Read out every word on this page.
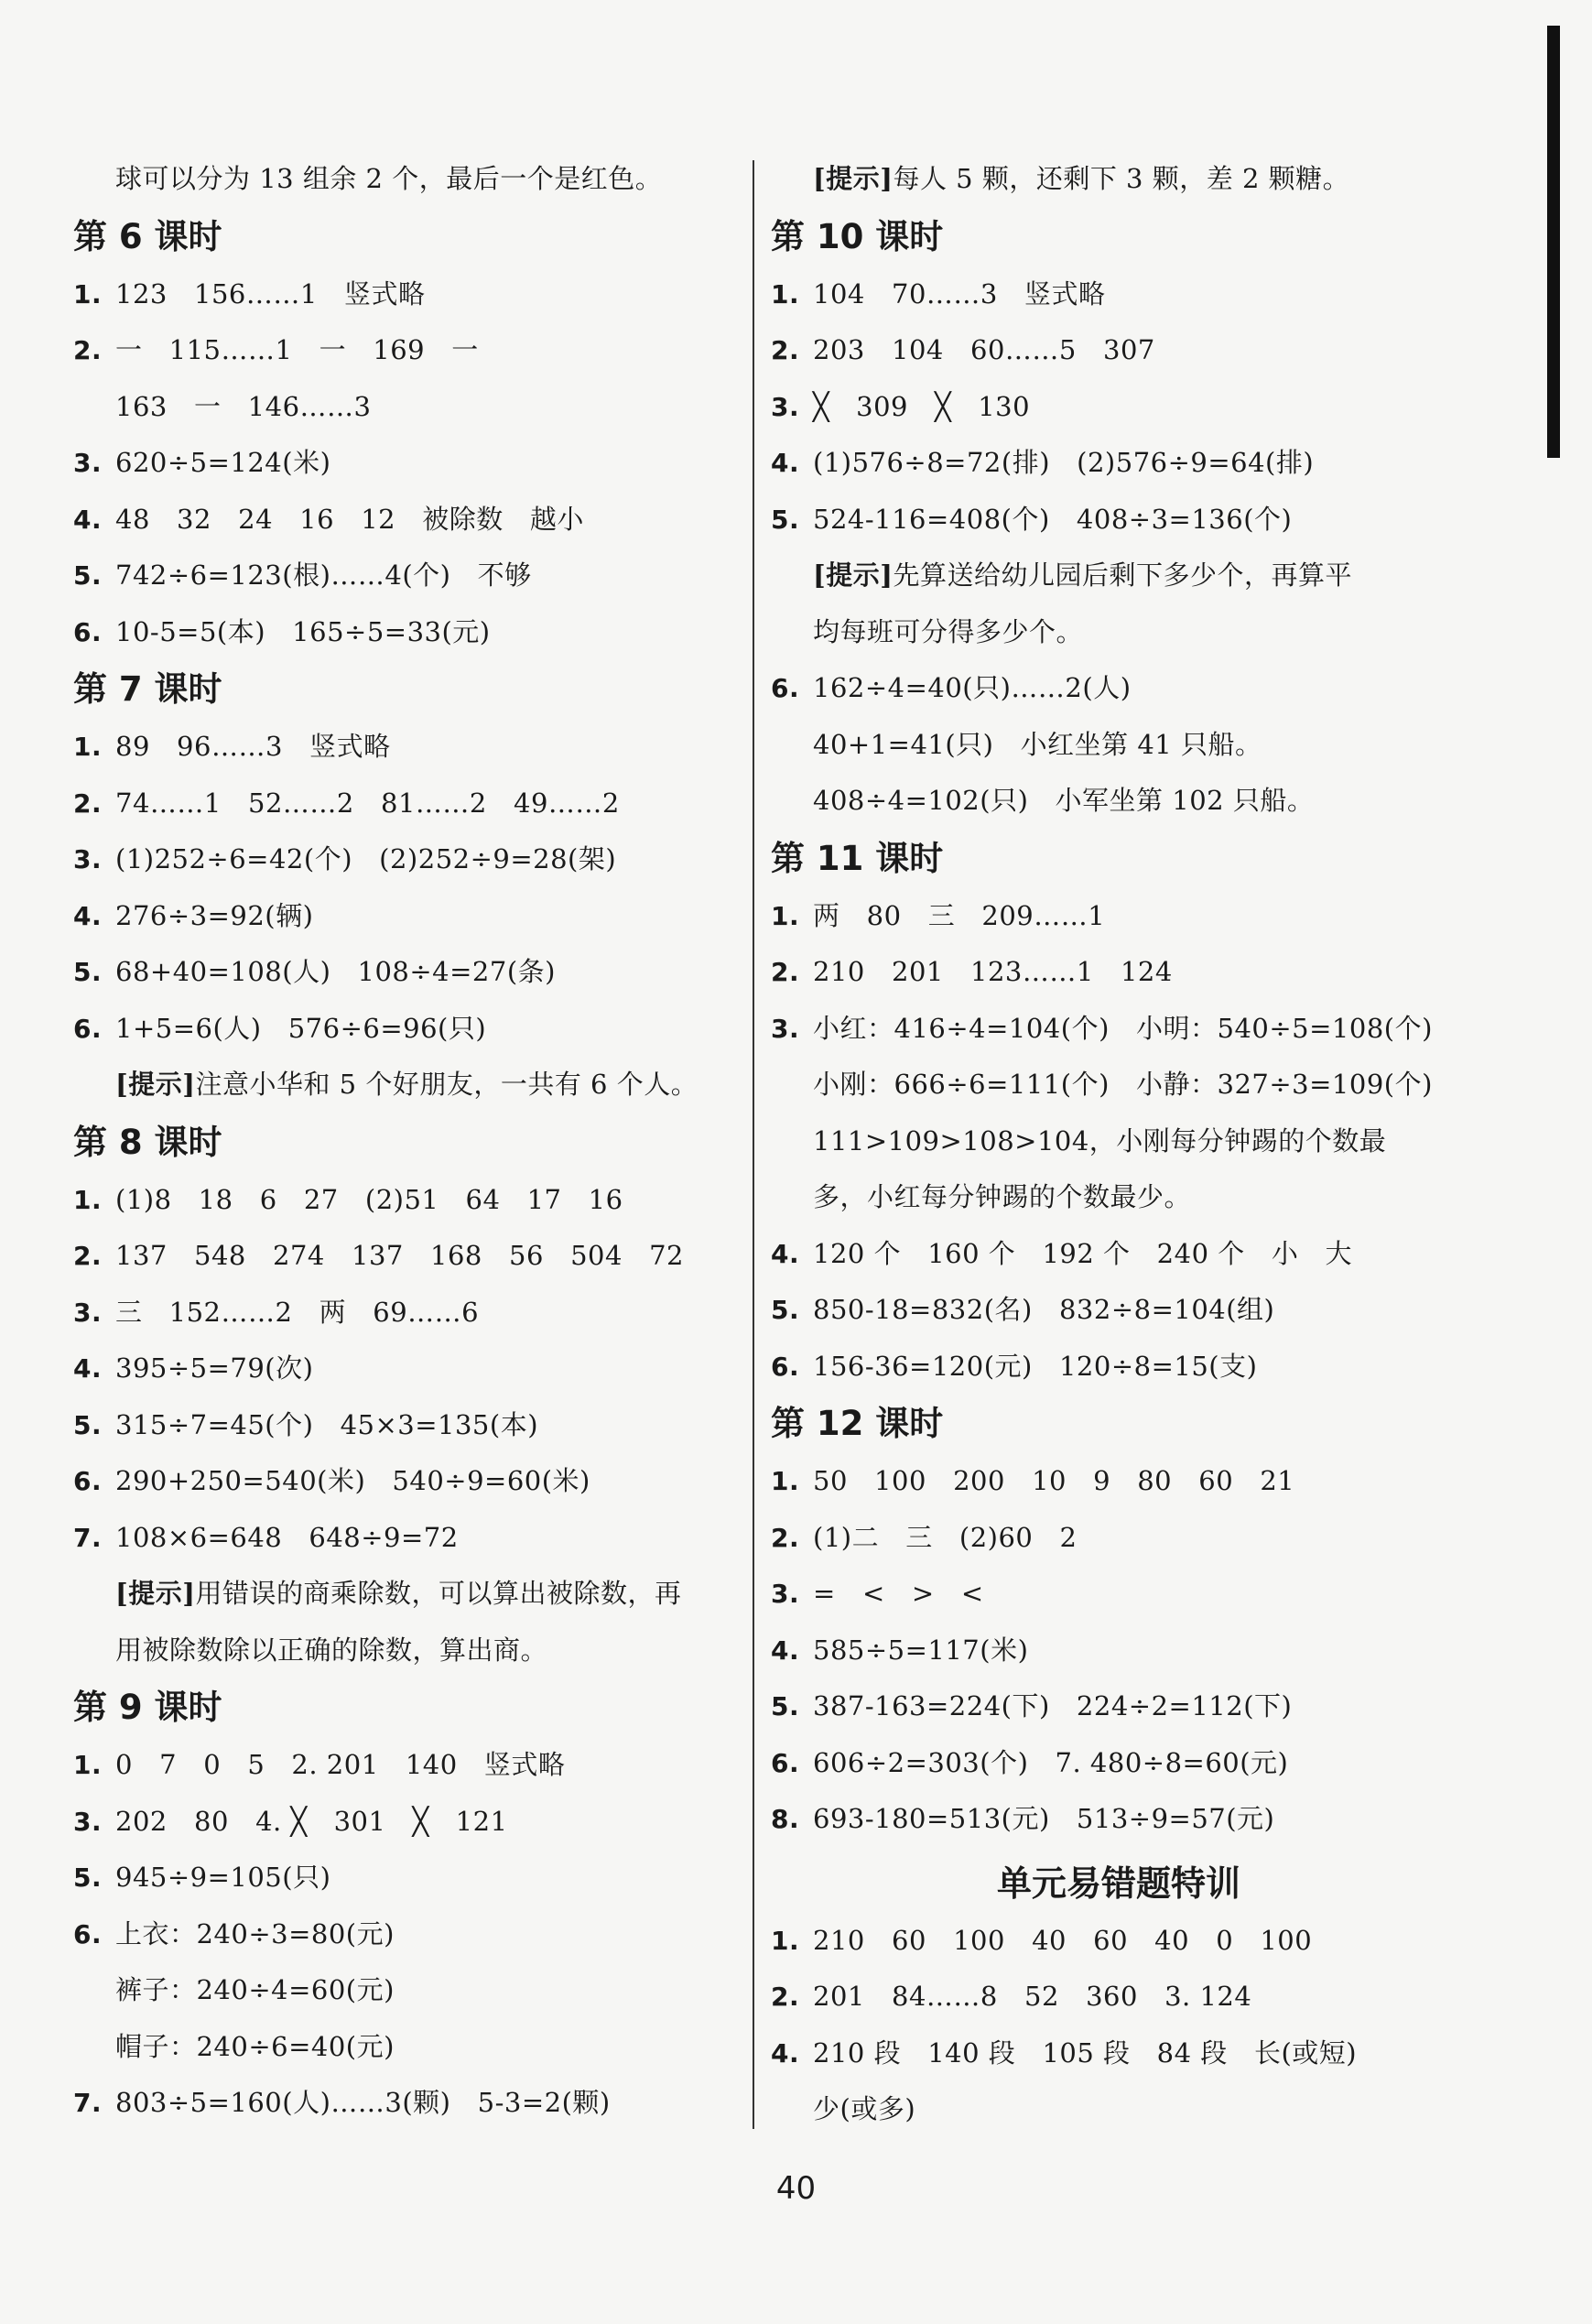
球可以分为 13 组余 2 个，最后一个是红色。
第 6 课时
1. 123   156……1   竖式略
2. 一   115……1   一   169   一
163   一   146……3
3. 620÷5=124(米)
4. 48   32   24   16   12   被除数   越小
5. 742÷6=123(根)……4(个)   不够
6. 10-5=5(本)   165÷5=33(元)
第 7 课时
1. 89   96……3   竖式略
2. 74……1   52……2   81……2   49……2
3. (1)252÷6=42(个)   (2)252÷9=28(架)
4. 276÷3=92(辆)
5. 68+40=108(人)   108÷4=27(条)
6. 1+5=6(人)   576÷6=96(只)
[提示]注意小华和 5 个好朋友，一共有 6 个人。
第 8 课时
1. (1)8   18   6   27   (2)51   64   17   16
2. 137   548   274   137   168   56   504   72
3. 三   152……2   两   69……6
4. 395÷5=79(次)
5. 315÷7=45(个)   45×3=135(本)
6. 290+250=540(米)   540÷9=60(米)
7. 108×6=648   648÷9=72
[提示]用错误的商乘除数，可以算出被除数，再
用被除数除以正确的除数，算出商。
第 9 课时
1. 0   7   0   5   2. 201   140   竖式略
3. 202   80   4. ╳   301   ╳   121
5. 945÷9=105(只)
6. 上衣：240÷3=80(元)
裤子：240÷4=60(元)
帽子：240÷6=40(元)
7. 803÷5=160(人)……3(颗)   5-3=2(颗)
[提示]每人 5 颗，还剩下 3 颗，差 2 颗糖。
第 10 课时
1. 104   70……3   竖式略
2. 203   104   60……5   307
3. ╳   309   ╳   130
4. (1)576÷8=72(排)   (2)576÷9=64(排)
5. 524-116=408(个)   408÷3=136(个)
[提示]先算送给幼儿园后剩下多少个，再算平
均每班可分得多少个。
6. 162÷4=40(只)……2(人)
40+1=41(只)   小红坐第 41 只船。
408÷4=102(只)   小军坐第 102 只船。
第 11 课时
1. 两   80   三   209……1
2. 210   201   123……1   124
3. 小红：416÷4=104(个)   小明：540÷5=108(个)
小刚：666÷6=111(个)   小静：327÷3=109(个)
111>109>108>104，小刚每分钟踢的个数最
多，小红每分钟踢的个数最少。
4. 120 个   160 个   192 个   240 个   小   大
5. 850-18=832(名)   832÷8=104(组)
6. 156-36=120(元)   120÷8=15(支)
第 12 课时
1. 50   100   200   10   9   80   60   21
2. (1)二   三   (2)60   2
3. =   <   >   <
4. 585÷5=117(米)
5. 387-163=224(下)   224÷2=112(下)
6. 606÷2=303(个)   7. 480÷8=60(元)
8. 693-180=513(元)   513÷9=57(元)
单元易错题特训
1. 210   60   100   40   60   40   0   100
2. 201   84……8   52   360   3. 124
4. 210 段   140 段   105 段   84 段   长(或短)
少(或多)
40
